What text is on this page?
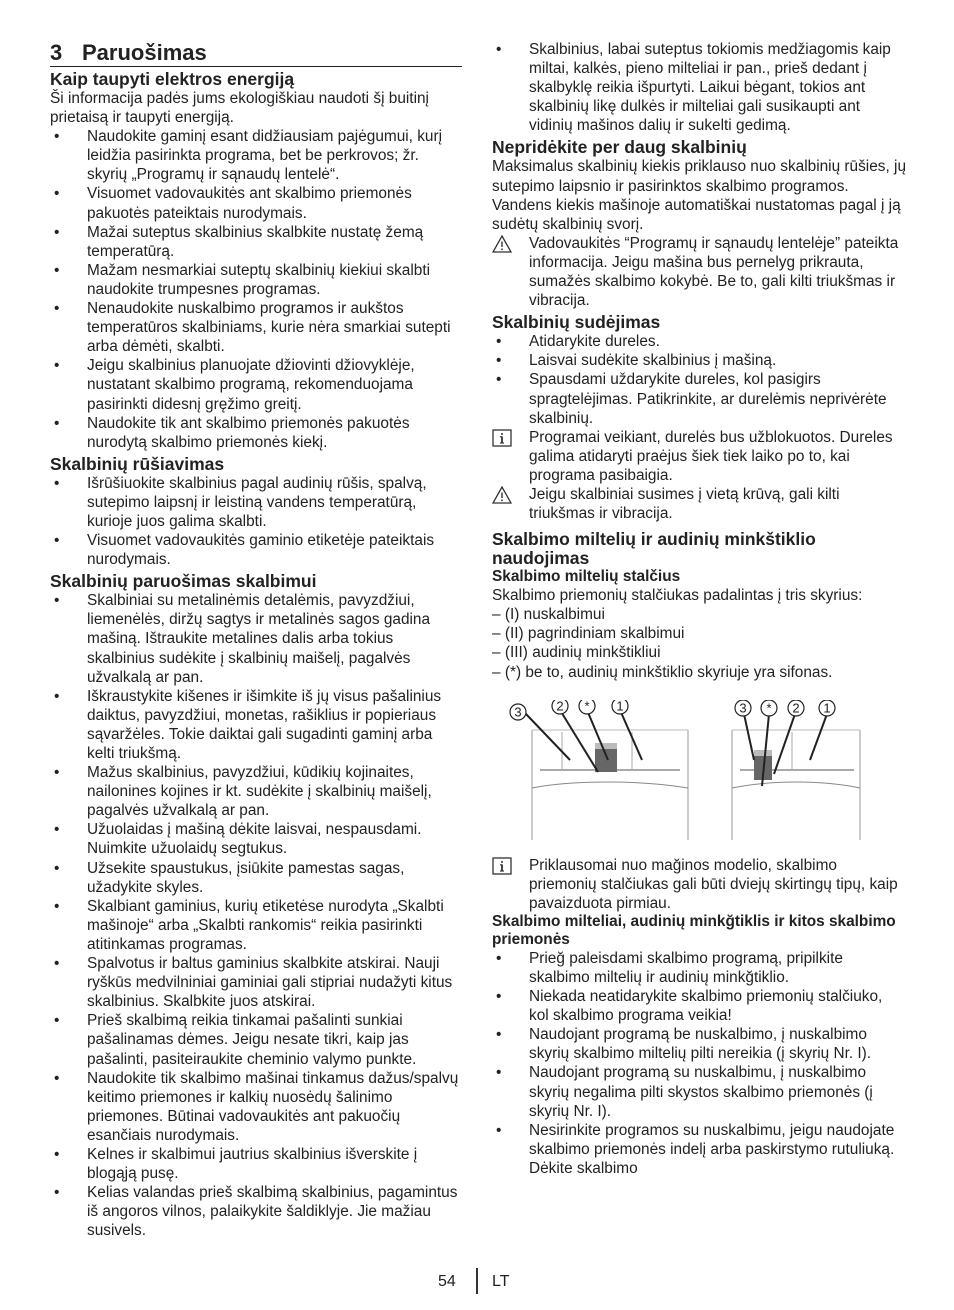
3 Paruošimas
Kaip taupyti elektros energiją
Ši informacija padės jums ekologiškiau naudoti šį buitinį prietaisą ir taupyti energiją.
• Naudokite gaminį esant didžiausiam pajėgumui, kurį leidžia pasirinkta programa, bet be perkrovos; žr. skyrių „Programų ir sąnaudų lentelė“.
• Visuomet vadovaukitės ant skalbimo priemonės pakuotės pateiktais nurodymais.
• Mažai suteptus skalbinius skalbkite nustatę žemą temperatūrą.
• Mažam nesmarkiai suteptų skalbinių kiekiui skalbti naudokite trumpesnes programas.
• Nenaudokite nuskalbimo programos ir aukštos temperatūros skalbiniams, kurie nėra smarkiai sutepti arba dėmėti, skalbti.
• Jeigu skalbinius planuojate džiovinti džiovyklėje, nustatant skalbimo programą, rekomenduojama pasirinkti didesnį gręžimo greitį.
• Naudokite tik ant skalbimo priemonės pakuotės nurodytą skalbimo priemonės kiekį.
Skalbinių rūšiavimas
• Išrūšiuokite skalbinius pagal audinių rūšis, spalvą, sutepimo laipsnį ir leistiną vandens temperatūrą, kurioje juos galima skalbti.
• Visuomet vadovaukitės gaminio etiketėje pateiktais nurodymais.
Skalbinių paruošimas skalbimui
• Skalbiniai su metalinėmis detalėmis, pavyzdžiui, liemenėlės, diržų sagtys ir metalinės sagos gadina mašiną. Ištraukite metalines dalis arba tokius skalbinius sudėkite į skalbinių maišelį, pagalvės užvalkalą ar pan.
• Iškraustykite kišenes ir išimkite iš jų visus pašalinius daiktus, pavyzdžiui, monetas, rašiklius ir popieriaus sąvaržėles. Tokie daiktai gali sugadinti gaminį arba kelti triukšmą.
• Mažus skalbinius, pavyzdžiui, kūdikių kojinaites, nailonines kojines ir kt. sudėkite į skalbinių maišelį, pagalvės užvalkalą ar pan.
• Užuolaidas į mašiną dėkite laisvai, nespausdami. Nuimkite užuolaidų segtukus.
• Užsekite spaustukus, įsiūkite pamestas sagas, užadykite skyles.
• Skalbiant gaminius, kurių etiketėse nurodyta „Skalbti mašinoje“ arba „Skalbti rankomis“ reikia pasirinkti atitinkamas programas.
• Spalvotus ir baltus gaminius skalbkite atskirai. Nauji ryškūs medvilniniai gaminiai gali stipriai nudažyti kitus skalbinius. Skalbkite juos atskirai.
• Prieš skalbimą reikia tinkamai pašalinti sunkiai pašalinamas dėmes. Jeigu nesate tikri, kaip jas pašalinti, pasiteiraukite cheminio valymo punkte.
• Naudokite tik skalbimo mašinai tinkamus dažus/spalvų keitimo priemones ir kalkių nuosėdų šalinimo priemones. Būtinai vadovaukitės ant pakuočių esančiais nurodymais.
• Kelnes ir skalbimui jautrius skalbinius išverskite į blogąją pusę.
• Kelias valandas prieš skalbimą skalbinius, pagamintus iš angoros vilnos, palaikykite šaldiklyje. Jie mažiau susivels.
• Skalbinius, labai suteptus tokiomis medžiagomis kaip miltai, kalkės, pieno milteliai ir pan., prieš dedant į skalbyklę reikia išpurtyti. Laikui bėgant, tokios ant skalbinių likę dulkės ir milteliai gali susikaupti ant vidinių mašinos dalių ir sukelti gedimą.
Nepridėkite per daug skalbinių
Maksimalus skalbinių kiekis priklauso nuo skalbinių rūšies, jų sutepimo laipsnio ir pasirinktos skalbimo programos.
Vandens kiekis mašinoje automatiškai nustatomas pagal į ją sudėtų skalbinių svorį.
Vadovaukitės “Programų ir sąnaudų lentelėje” pateikta informacija. Jeigu mašina bus pernelyg prikrauta, sumažės skalbimo kokybė. Be to, gali kilti triukšmas ir vibracija.
Skalbinių sudėjimas
• Atidarykite dureles.
• Laisvai sudėkite skalbinius į mašiną.
• Spausdami uždarykite dureles, kol pasigirs spragtelėjimas. Patikrinkite, ar durelėmis neprivėrėte skalbinių.
Programai veikiant, durelės bus užblokuotos. Dureles galima atidaryti praėjus šiek tiek laiko po to, kai programa pasibaigia.
Jeigu skalbiniai susimes į vietą krūvą, gali kilti triukšmas ir vibracija.
Skalbimo miltelių ir audinių minkštiklio naudojimas
Skalbimo miltelių stalčius
Skalbimo priemonių stalčiukas padalintas į tris skyrius:
– (I) nuskalbimui
– (II) pagrindiniam skalbimui
– (III) audinių minkštikliui
– (*) be to, audinių minkštiklio skyriuje yra sifonas.
3	2 * 1	3 * 2 1
Priklausomai nuo mağinos modelio, skalbimo priemonių stalčiukas gali būti dviejų skirtingų tipų, kaip pavaizduota pirmiau.
Skalbimo milteliai, audinių minkğtiklis ir kitos skalbimo priemonės
• Prieğ paleisdami skalbimo programą, pripilkite skalbimo miltelių ir audinių minkğtiklio.
• Niekada neatidarykite skalbimo priemonių stalčiuko, kol skalbimo programa veikia!
• Naudojant programą be nuskalbimo, į nuskalbimo skyrių skalbimo miltelių pilti nereikia (į skyrių Nr. I).
• Naudojant programą su nuskalbimu, į nuskalbimo skyrių negalima pilti skystos skalbimo priemonės (į skyrių Nr. I).
• Nesirinkite programos su nuskalbimu, jeigu naudojate skalbimo priemonės indelį arba paskirstymo rutuliuką. Dėkite skalbimo
54 LT
